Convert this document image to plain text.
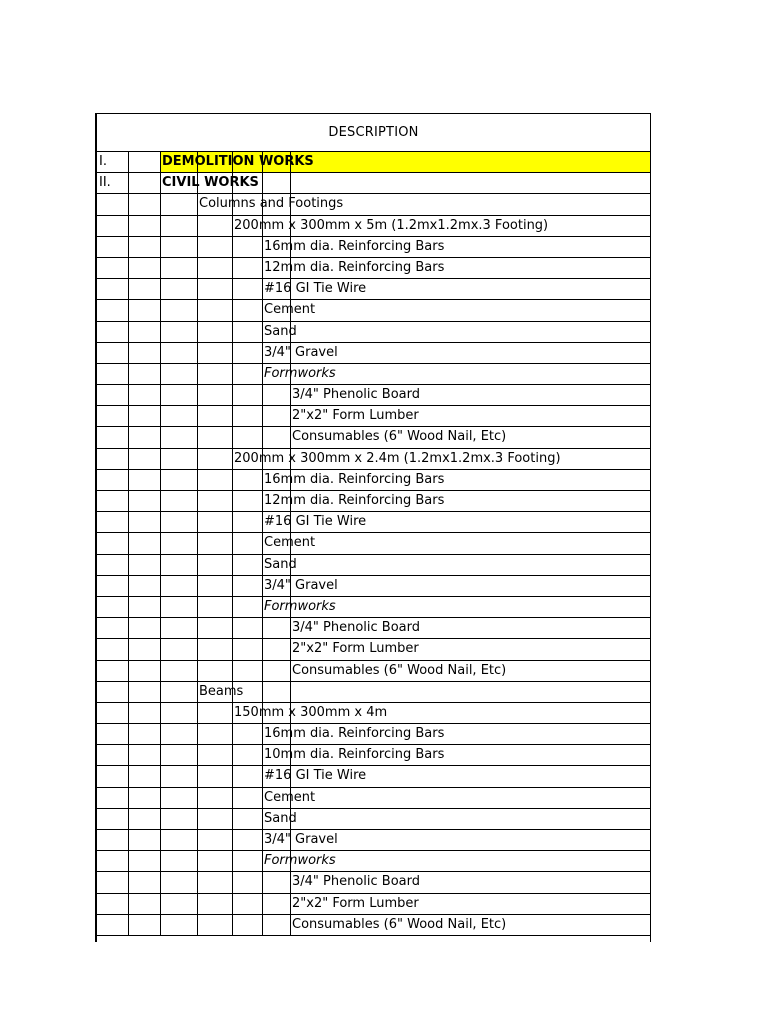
DESCRIPTION
I.	DEMOLITION WORKS
II.	CIVIL WORKS
Columns and Footings
200mm x 300mm x 5m (1.2mx1.2mx.3 Footing)
16mm dia. Reinforcing Bars
12mm dia. Reinforcing Bars
#16 GI Tie Wire
Cement
Sand
3/4" Gravel
Formworks
3/4" Phenolic Board
2"x2" Form Lumber
Consumables (6" Wood Nail, Etc)
200mm x 300mm x 2.4m (1.2mx1.2mx.3 Footing)
16mm dia. Reinforcing Bars
12mm dia. Reinforcing Bars
#16 GI Tie Wire
Cement
Sand
3/4" Gravel
Formworks
3/4" Phenolic Board
2"x2" Form Lumber
Consumables (6" Wood Nail, Etc)
Beams
150mm x 300mm x 4m
16mm dia. Reinforcing Bars
10mm dia. Reinforcing Bars
#16 GI Tie Wire
Cement
Sand
3/4" Gravel
Formworks
3/4" Phenolic Board
2"x2" Form Lumber
Consumables (6" Wood Nail, Etc)
